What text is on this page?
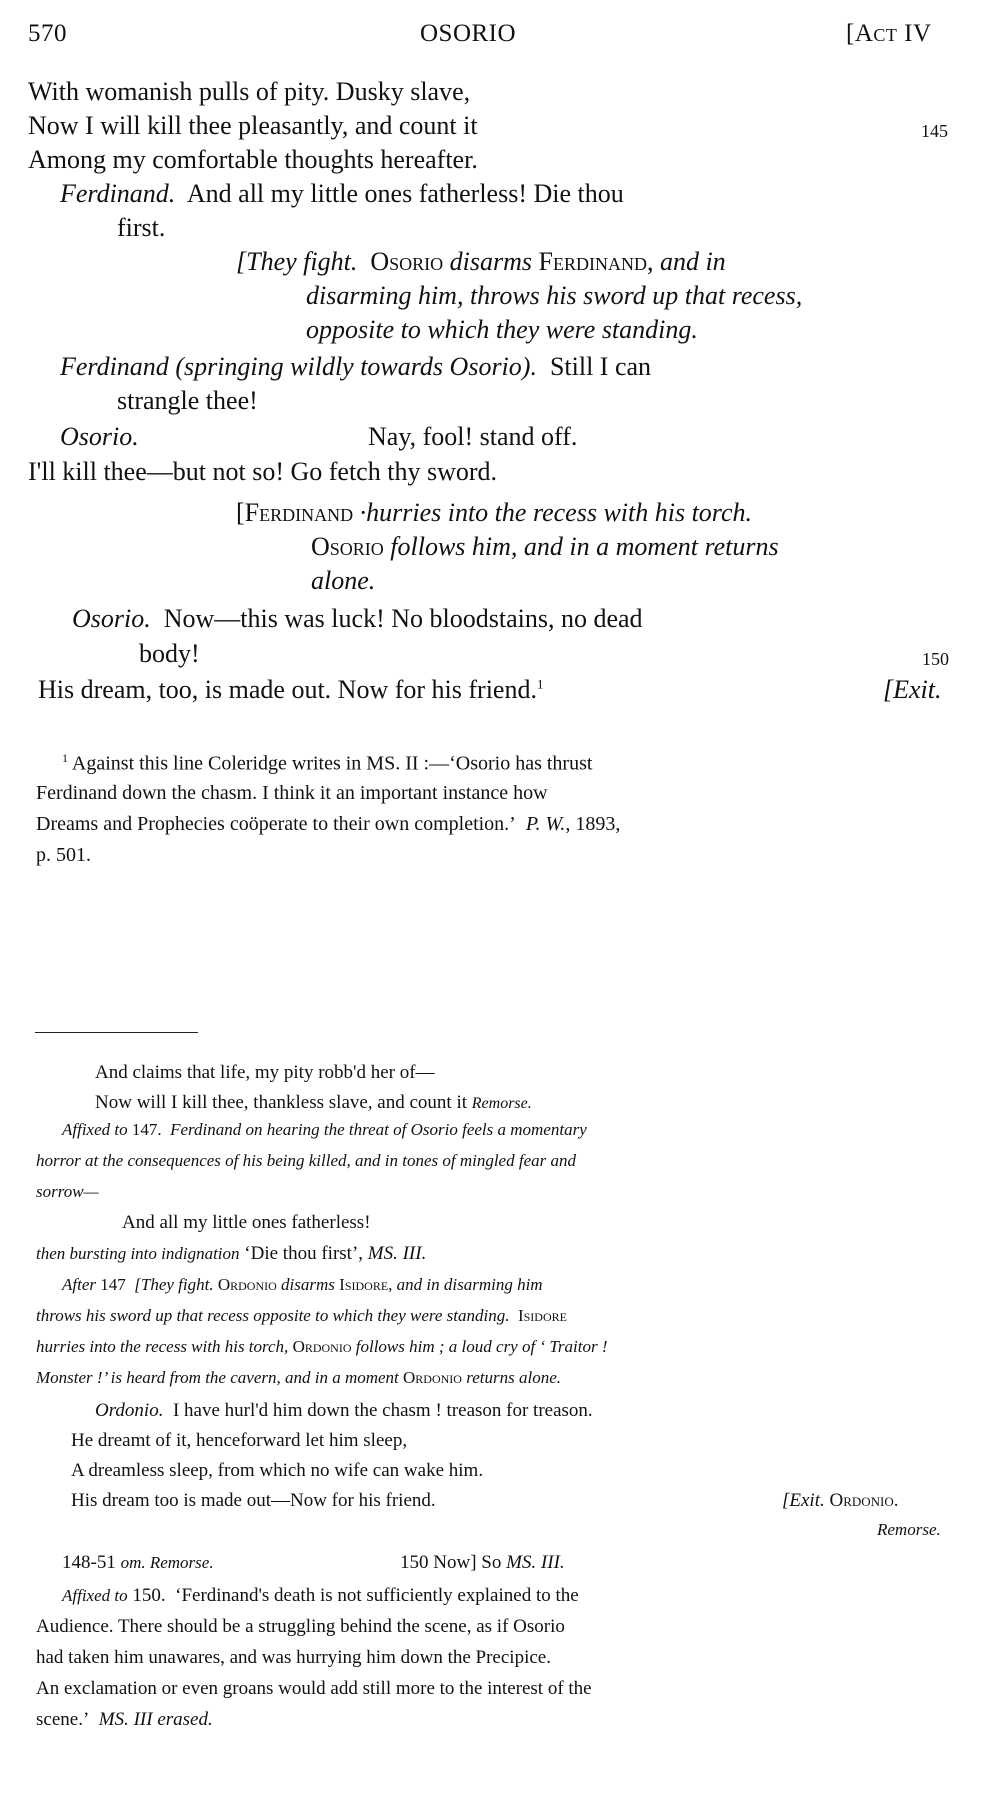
570	OSORIO	[Act IV
With womanish pulls of pity. Dusky slave,
Now I will kill thee pleasantly, and count it	145
Among my comfortable thoughts hereafter.
Ferdinand. And all my little ones fatherless! Die thou
first.
[They fight. Osorio disarms Ferdinand, and in
disarming him, throws his sword up that recess,
opposite to which they were standing.
Ferdinand (springing wildly towards Osorio). Still I can
strangle thee!
Osorio.	Nay, fool! stand off.
I'll kill thee—but not so! Go fetch thy sword.
[Ferdinand ·hurries into the recess with his torch.
Osorio follows him, and in a moment returns
alone.
Osorio. Now—this was luck! No bloodstains, no dead
body!	150
His dream, too, is made out. Now for his friend.$^1$	[Exit.
$^1$ Against this line Coleridge writes in MS. II :—‘Osorio has thrust
Ferdinand down the chasm. I think it an important instance how
Dreams and Prophecies coöperate to their own completion.’ P. W., 1893,
p. 501.
And claims that life, my pity robb'd her of—
Now will I kill thee, thankless slave, and count it Remorse.
Affixed to 147. Ferdinand on hearing the threat of Osorio feels a momentary
horror at the consequences of his being killed, and in tones of mingled fear and
sorrow—
And all my little ones fatherless!
then bursting into indignation ‘Die thou first’, MS. III.
After 147 [They fight. Ordonio disarms Isidore, and in disarming him
throws his sword up that recess opposite to which they were standing. Isidore
hurries into the recess with his torch, Ordonio follows him ; a loud cry of ‘ Traitor !
Monster !’ is heard from the cavern, and in a moment Ordonio returns alone.
Ordonio. I have hurl'd him down the chasm ! treason for treason.
He dreamt of it, henceforward let him sleep,
A dreamless sleep, from which no wife can wake him.
His dream too is made out—Now for his friend.	[Exit. Ordonio.
Remorse.
148-51 om. Remorse.	150 Now] So MS. III.
Affixed to 150. ‘Ferdinand's death is not sufficiently explained to the
Audience. There should be a struggling behind the scene, as if Osorio
had taken him unawares, and was hurrying him down the Precipice.
An exclamation or even groans would add still more to the interest of the
scene.’ MS. III erased.
